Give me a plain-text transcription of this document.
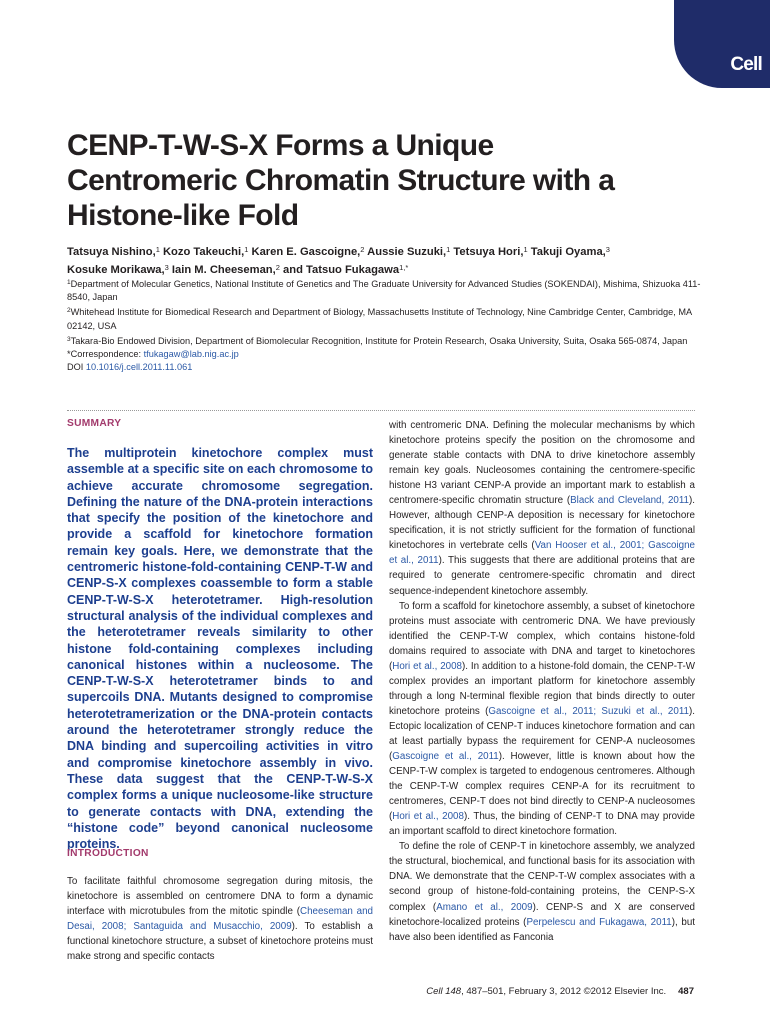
Cell
CENP-T-W-S-X Forms a Unique Centromeric Chromatin Structure with a Histone-like Fold
Tatsuya Nishino,$^1$ Kozo Takeuchi,$^1$ Karen E. Gascoigne,$^2$ Aussie Suzuki,$^1$ Tetsuya Hori,$^1$ Takuji Oyama,$^3$
Kosuke Morikawa,$^3$ Iain M. Cheeseman,$^2$ and Tatsuo Fukagawa$^{1,*}$
$^1$Department of Molecular Genetics, National Institute of Genetics and The Graduate University for Advanced Studies (SOKENDAI), Mishima, Shizuoka 411-8540, Japan
$^2$Whitehead Institute for Biomedical Research and Department of Biology, Massachusetts Institute of Technology, Nine Cambridge Center, Cambridge, MA 02142, USA
$^3$Takara-Bio Endowed Division, Department of Biomolecular Recognition, Institute for Protein Research, Osaka University, Suita, Osaka 565-0874, Japan
*Correspondence: tfukagaw@lab.nig.ac.jp
DOI 10.1016/j.cell.2011.11.061
SUMMARY

The multiprotein kinetochore complex must assemble at a specific site on each chromosome to achieve accurate chromosome segregation. Defining the nature of the DNA-protein interactions that specify the position of the kinetochore and provide a scaffold for kinetochore formation remain key goals. Here, we demonstrate that the centromeric histone-fold-containing CENP-T-W and CENP-S-X complexes coassemble to form a stable CENP-T-W-S-X heterotetramer. High-resolution structural analysis of the individual complexes and the heterotetramer reveals similarity to other histone fold-containing complexes including canonical histones within a nucleosome. The CENP-T-W-S-X heterotetramer binds to and supercoils DNA. Mutants designed to compromise heterotetramerization or the DNA-protein contacts around the heterotetramer strongly reduce the DNA binding and supercoiling activities in vitro and compromise kinetochore assembly in vivo. These data suggest that the CENP-T-W-S-X complex forms a unique nucleosome-like structure to generate contacts with DNA, extending the “histone code” beyond canonical nucleosome proteins.

INTRODUCTION

To facilitate faithful chromosome segregation during mitosis, the kinetochore is assembled on centromere DNA to form a dynamic interface with microtubules from the mitotic spindle (Cheeseman and Desai, 2008; Santaguida and Musacchio, 2009). To establish a functional kinetochore structure, a subset of kinetochore proteins must make strong and specific contacts

with centromeric DNA. Defining the molecular mechanisms by which kinetochore proteins specify the position on the chromosome and generate stable contacts with DNA to drive kinetochore assembly remain key goals. Nucleosomes containing the centromere-specific histone H3 variant CENP-A provide an important mark to establish a centromere-specific chromatin structure (Black and Cleveland, 2011). However, although CENP-A deposition is necessary for kinetochore specification, it is not strictly sufficient for the formation of functional kinetochores in vertebrate cells (Van Hooser et al., 2001; Gascoigne et al., 2011). This suggests that there are additional proteins that are required to generate centromere-specific chromatin and direct sequence-independent kinetochore assembly.

To form a scaffold for kinetochore assembly, a subset of kinetochore proteins must associate with centromeric DNA. We have previously identified the CENP-T-W complex, which contains histone-fold domains required to associate with DNA and target to kinetochores (Hori et al., 2008). In addition to a histone-fold domain, the CENP-T-W complex provides an important platform for kinetochore assembly through a long N-terminal flexible region that binds directly to outer kinetochore proteins (Gascoigne et al., 2011; Suzuki et al., 2011). Ectopic localization of CENP-T induces kinetochore formation and can at least partially bypass the requirement for CENP-A nucleosomes (Gascoigne et al., 2011). However, little is known about how the CENP-T-W complex is targeted to endogenous centromeres. Although the CENP-T-W complex requires CENP-A for its recruitment to centromeres, CENP-T does not bind directly to CENP-A nucleosomes (Hori et al., 2008). Thus, the binding of CENP-T to DNA may provide an important scaffold to direct kinetochore formation.

To define the role of CENP-T in kinetochore assembly, we analyzed the structural, biochemical, and functional basis for its association with DNA. We demonstrate that the CENP-T-W complex associates with a second group of histone-fold-containing proteins, the CENP-S-X complex (Amano et al., 2009). CENP-S and X are conserved kinetochore-localized proteins (Perpelescu and Fukagawa, 2011), but have also been identified as Fanconia

Cell 148, 487–501, February 3, 2012 ©2012 Elsevier Inc. 487
